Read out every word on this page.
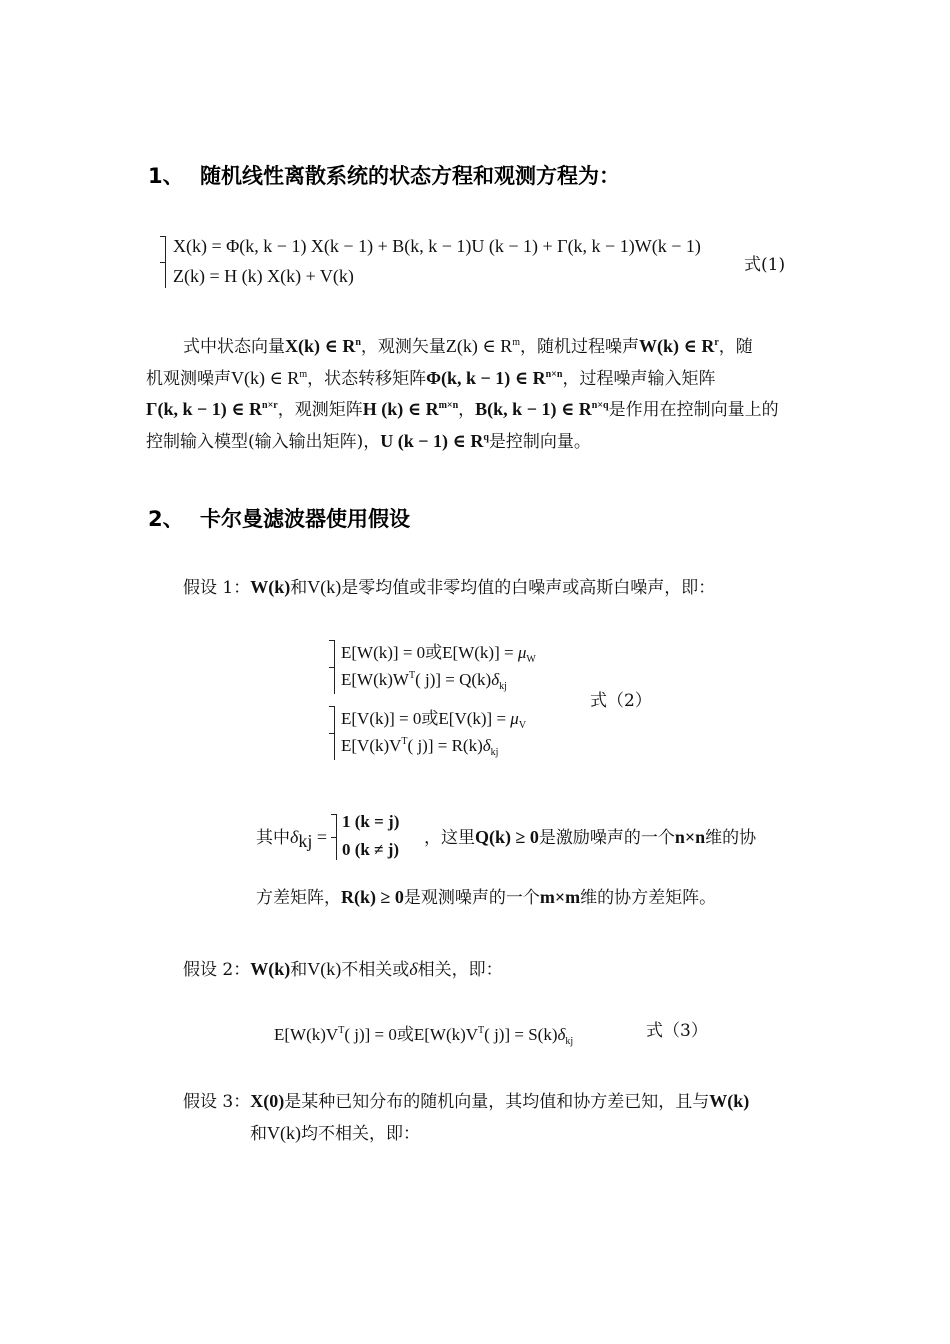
1、 随机线性离散系统的状态方程和观测方程为：
X(k) = Φ(k, k − 1) X(k − 1) + B(k, k − 1)U (k − 1) + Γ(k, k − 1)W(k − 1)
Z(k) = H (k) X(k) + V(k)
式(1)
式中状态向量X(k) ∈ $R^n$，观测矢量Z(k) ∈ $R^m$，随机过程噪声W(k) ∈ $R^r$，随
机观测噪声V(k) ∈ $R^m$，状态转移矩阵Φ(k, k − 1) ∈ $R^{n\times n}$，过程噪声输入矩阵
Γ(k, k − 1) ∈ $R^{n\times r}$，观测矩阵H (k) ∈ $R^{m\times n}$，B(k, k − 1) ∈ $R^{n\times q}$是作用在控制向量上的
控制输入模型(输入输出矩阵)，U (k − 1) ∈ $R^q$是控制向量。
2、 卡尔曼滤波器使用假设
假设 1：W(k)和V(k)是零均值或非零均值的白噪声或高斯白噪声，即：
E[W(k)] = 0或$E[W(k)] = \mu_W$
$E[W(k)W^T$( $j)] = Q(k)\delta_{kj}$
E[V(k)] = 0或$E[V(k)] = \mu_V$
$E[V(k)V^T$( $j)] = R(k)\delta_{kj}$
式（2）
其中$\delta_{kj}$ =
1 (k = j)
0 (k ≠ j)
，这里Q(k) ≥ 0是激励噪声的一个n×n维的协
方差矩阵，R(k) ≥ 0是观测噪声的一个m×m维的协方差矩阵。
假设 2：W(k)和V(k)不相关或δ相关，即：
$E[W(k)V^T$( j)] = 0或$E[W(k)V^T$( $j)] = S(k)\delta_{kj}$
式（3）
假设 3：X(0)是某种已知分布的随机向量，其均值和协方差已知，且与W(k)
和V(k)均不相关，即：
